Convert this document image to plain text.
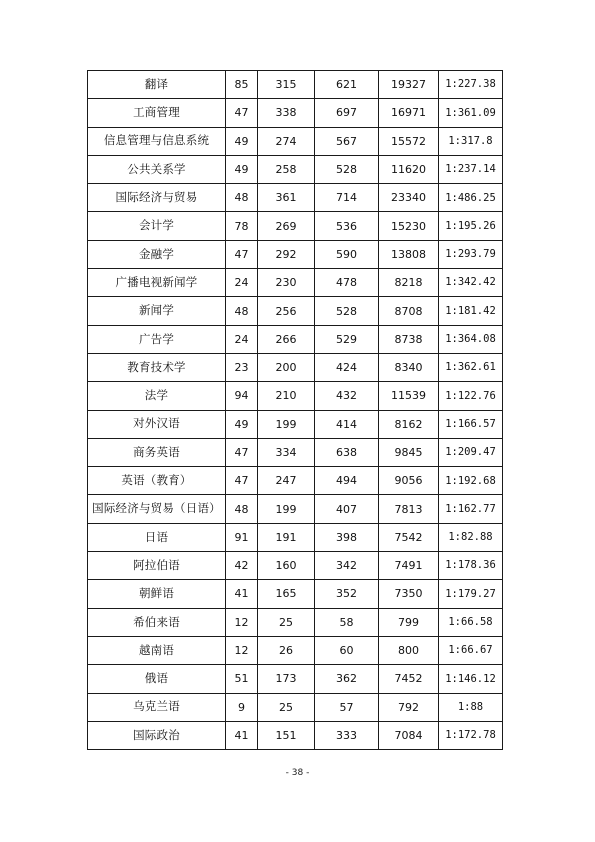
翻译	85	315	621	19327	1:227.38
工商管理	47	338	697	16971	1:361.09
信息管理与信息系统	49	274	567	15572	1:317.8
公共关系学	49	258	528	11620	1:237.14
国际经济与贸易	48	361	714	23340	1:486.25
会计学	78	269	536	15230	1:195.26
金融学	47	292	590	13808	1:293.79
广播电视新闻学	24	230	478	8218	1:342.42
新闻学	48	256	528	8708	1:181.42
广告学	24	266	529	8738	1:364.08
教育技术学	23	200	424	8340	1:362.61
法学	94	210	432	11539	1:122.76
对外汉语	49	199	414	8162	1:166.57
商务英语	47	334	638	9845	1:209.47
英语（教育）	47	247	494	9056	1:192.68
国际经济与贸易（日语）	48	199	407	7813	1:162.77
日语	91	191	398	7542	1:82.88
阿拉伯语	42	160	342	7491	1:178.36
朝鲜语	41	165	352	7350	1:179.27
希伯来语	12	25	58	799	1:66.58
越南语	12	26	60	800	1:66.67
俄语	51	173	362	7452	1:146.12
乌克兰语	9	25	57	792	1:88
国际政治	41	151	333	7084	1:172.78
- 38 -
